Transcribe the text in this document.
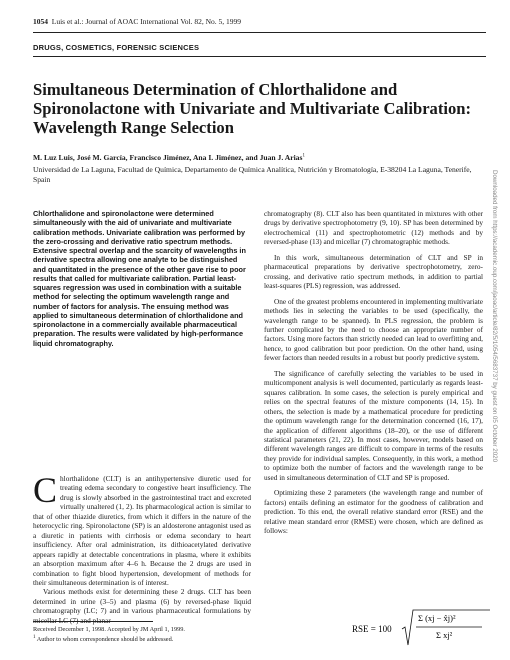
1054 Luis et al.: Journal of AOAC International Vol. 82, No. 5, 1999
DRUGS, COSMETICS, FORENSIC SCIENCES
Simultaneous Determination of Chlorthalidone and Spironolactone with Univariate and Multivariate Calibration: Wavelength Range Selection
M. Luz Luis, José M. García, Francisco Jiménez, Ana I. Jiménez, and Juan J. Arias$^1$
Universidad de La Laguna, Facultad de Química, Departamento de Química Analítica, Nutrición y Bromatología, E-38204 La Laguna, Tenerife, Spain
Chlorthalidone and spironolactone were determined simultaneously with the aid of univariate and multivariate calibration methods. Univariate calibration was performed by the zero-crossing and derivative ratio spectrum methods. Extensive spectral overlap and the scarcity of wavelengths in derivative spectra allowing one analyte to be distinguished and quantitated in the presence of the other gave rise to poor results that called for multivariate calibration. Partial least-squares regression was used in combination with a suitable method for selecting the optimum wavelength range and number of factors for analysis. The ensuing method was applied to simultaneous determination of chlorthalidone and spironolactone in a commercially available pharmaceutical preparation. The results were validated by high-performance liquid chromatography.

Chlorthalidone (CLT) is an antihypertensive diuretic used for treating edema secondary to congestive heart insufficiency. The drug is slowly absorbed in the gastrointestinal tract and excreted virtually unaltered (1, 2). Its pharmacological action is similar to that of other thiazide diuretics, from which it differs in the nature of the heterocyclic ring. Spironolactone (SP) is an aldosterone antagonist used as a diuretic in patients with cirrhosis or edema secondary to heart insufficiency. After oral administration, its dithioacetylated derivative appears rapidly at detectable concentrations in plasma, where it exhibits an absorption maximum after 4–6 h. Because the 2 drugs are used in combination to fight blood hypertension, development of methods for their simultaneous determination is of interest.

Various methods exist for determining these 2 drugs. CLT has been determined in urine (3–5) and plasma (6) by reversed-phase liquid chromatography (LC; 7) and in various pharmaceutical formulations by

chromatography (8). CLT also has been quantitated in mixtures with other drugs by derivative spectrophotometry (9, 10). SP has been determined by electrochemical (11) and spectrophotometric (12) methods and by reversed-phase (13) and micellar (7) chromatographic methods.

In this work, simultaneous determination of CLT and SP in pharmaceutical preparations by derivative spectrophotometry, zero-crossing, and derivative ratio spectrum methods, in addition to partial least-squares (PLS) regression, was addressed.

One of the greatest problems encountered in implementing multivariate methods lies in selecting the variables to be used (specifically, the wavelength range to be spanned). In PLS regression, the problem is further complicated by the need to choose an appropriate number of factors. Using more factors than strictly needed can lead to overfitting and, hence, to good calibration but poor prediction. On the other hand, using fewer factors than needed results in a robust but poorly predictive system.

The significance of carefully selecting the variables to be used in multicomponent analysis is well documented, particularly as regards least-squares calibration. In some cases, the selection is purely empirical and relies on the spectral features of the mixture components (14, 15). In others, the selection is made by a mathematical procedure for predicting the optimum wavelength range for the determination concerned (16, 17), the application of different algorithms (18–20), or the use of different statistical parameters (21, 22). In most cases, however, models based on different wavelength ranges are difficult to compare in terms of the results they provide for individual samples. Consequently, in this work, a method to optimize both the number of factors and the wavelength range to be used in simultaneous determination of CLT and SP is proposed.

Optimizing these 2 parameters (the wavelength range and number of factors) entails defining an estimator for the goodness of calibration and prediction. To this end, the overall relative standard error (RSE) and the relative mean standard error (RMSE) were chosen, which are defined as follows:

Received December 1, 1998. Accepted by JM April 1, 1999.
$^1$ Author to whom correspondence should be addressed.
RSE = 100
Σ (xj − x̂j)²
Σ xj²
Downloaded from https://academic.oup.com/jaoac/article/82/5/1054/5683737 by guest on 05 October 2020
